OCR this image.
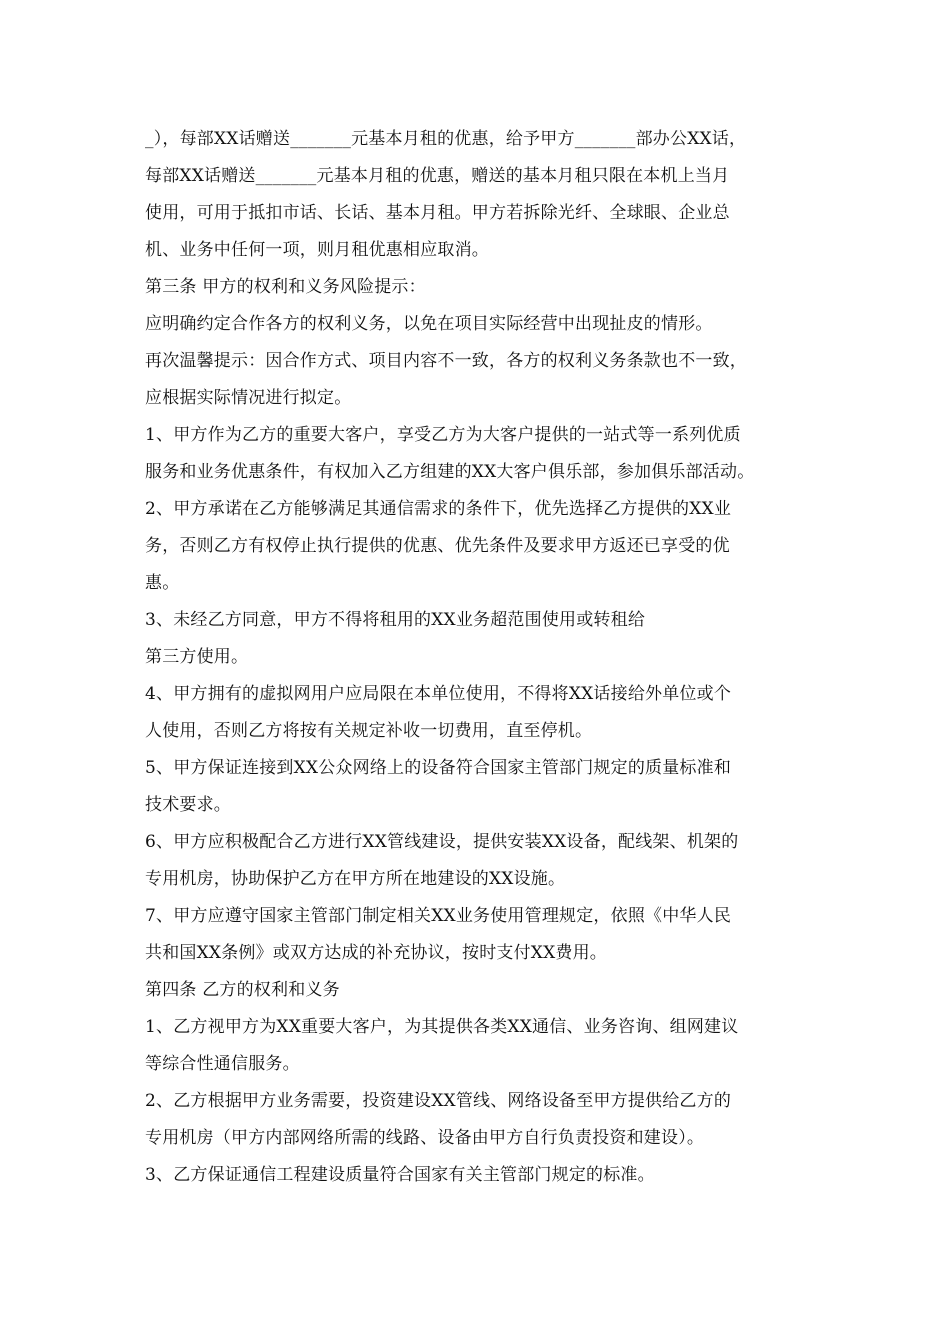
_），每部XX话赠送_______元基本月租的优惠，给予甲方_______部办公XX话，
每部XX话赠送_______元基本月租的优惠，赠送的基本月租只限在本机上当月
使用，可用于抵扣市话、长话、基本月租。甲方若拆除光纤、全球眼、企业总
机、业务中任何一项，则月租优惠相应取消。
第三条 甲方的权利和义务风险提示：
应明确约定合作各方的权利义务，以免在项目实际经营中出现扯皮的情形。
再次温馨提示：因合作方式、项目内容不一致，各方的权利义务条款也不一致，
应根据实际情况进行拟定。
1、甲方作为乙方的重要大客户，享受乙方为大客户提供的一站式等一系列优质
服务和业务优惠条件，有权加入乙方组建的XX大客户俱乐部，参加俱乐部活动。
2、甲方承诺在乙方能够满足其通信需求的条件下，优先选择乙方提供的XX业
务，否则乙方有权停止执行提供的优惠、优先条件及要求甲方返还已享受的优
惠。
3、未经乙方同意，甲方不得将租用的XX业务超范围使用或转租给
第三方使用。
4、甲方拥有的虚拟网用户应局限在本单位使用，不得将XX话接给外单位或个
人使用，否则乙方将按有关规定补收一切费用，直至停机。
5、甲方保证连接到XX公众网络上的设备符合国家主管部门规定的质量标准和
技术要求。
6、甲方应积极配合乙方进行XX管线建设，提供安装XX设备，配线架、机架的
专用机房，协助保护乙方在甲方所在地建设的XX设施。
7、甲方应遵守国家主管部门制定相关XX业务使用管理规定，依照《中华人民
共和国XX条例》或双方达成的补充协议，按时支付XX费用。
第四条 乙方的权利和义务
1、乙方视甲方为XX重要大客户，为其提供各类XX通信、业务咨询、组网建议
等综合性通信服务。
2、乙方根据甲方业务需要，投资建设XX管线、网络设备至甲方提供给乙方的
专用机房（甲方内部网络所需的线路、设备由甲方自行负责投资和建设）。
3、乙方保证通信工程建设质量符合国家有关主管部门规定的标准。
